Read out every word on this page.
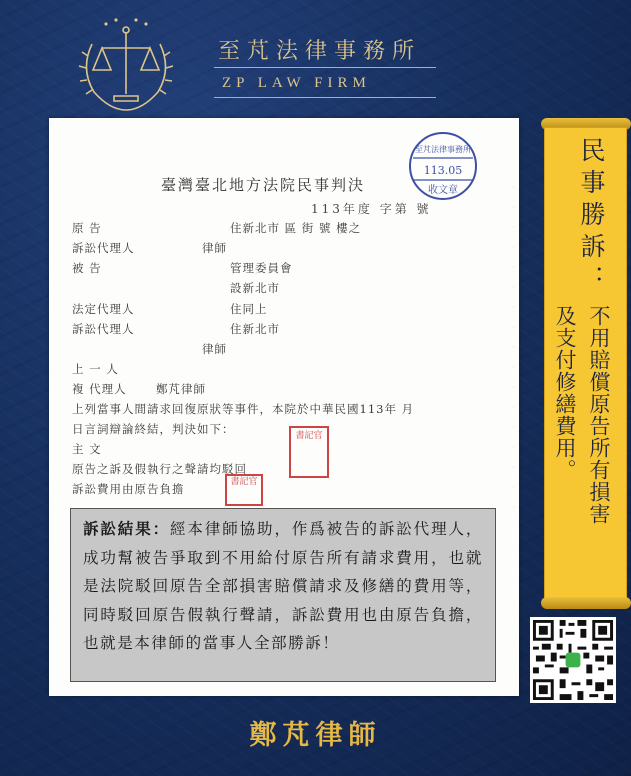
至芃法律事務所
ZP LAW FIRM
至芃法律事務所
113.05
收文章
臺灣臺北地方法院民事判決
113年度 字第 號
原 告	住新北市 區 街 號 樓之
訴訟代理人	律師
被 告	管理委員會
設新北市
法定代理人	住同上
訴訟代理人	住新北市
律師
上 一 人
複 代理人	鄭芃律師
上列當事人間請求回復原狀等事件，本院於中華民國113年 月
日言詞辯論終結，判決如下：
主 文
原告之訴及假執行之聲請均駁回
訴訟費用由原告負擔
書記官
書記官
·
·
·
·
·
·
·
·
·
·
·
·
·
·
·
·
·
訴訟結果：經本律師協助，作爲被告的訴訟代理人，成功幫被告爭取到不用給付原告所有請求費用，也就是法院駁回原告全部損害賠償請求及修繕的費用等，同時駁回原告假執行聲請，訴訟費用也由原告負擔，也就是本律師的當事人全部勝訴！
民事勝訴：
不用賠償原告所有損害
及支付修繕費用。
鄭芃律師
